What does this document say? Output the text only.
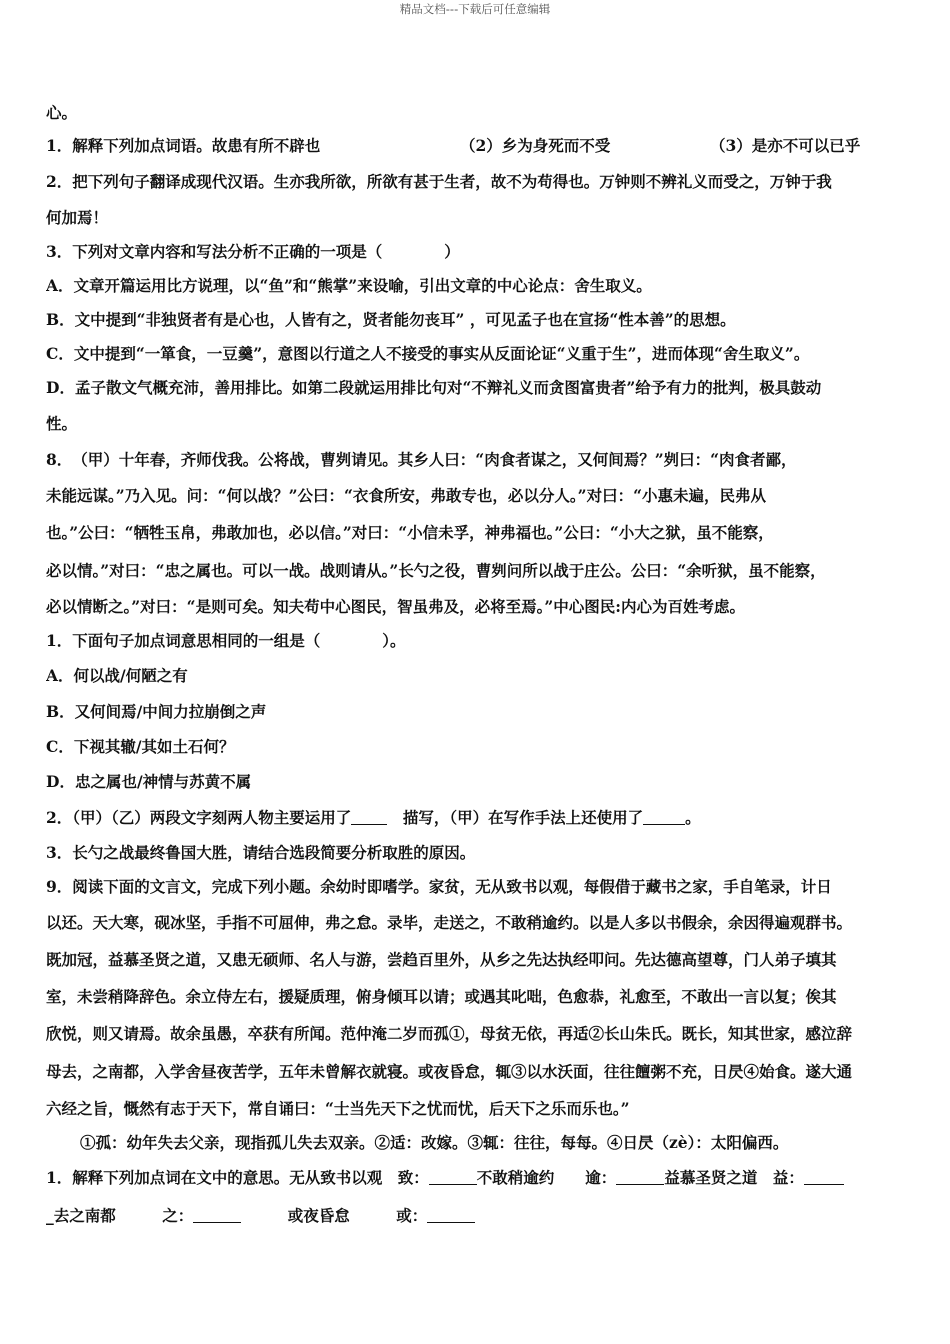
精品文档---下载后可任意编辑
心。
1．解释下列加点词语。故患有所不辟也	（2）乡为身死而不受	（3）是亦不可以已乎
2．把下列句子翻译成现代汉语。生亦我所欲，所欲有甚于生者，故不为苟得也。万钟则不辨礼义而受之，万钟于我
何加焉！
3．下列对文章内容和写法分析不正确的一项是（　　　　）
A．文章开篇运用比方说理，以“鱼”和“熊掌”来设喻，引出文章的中心论点：舍生取义。
B．文中提到“非独贤者有是心也，人皆有之，贤者能勿丧耳” ，可见孟子也在宣扬“性本善”的思想。
C．文中提到“一箪食，一豆羹”，意图以行道之人不接受的事实从反面论证“义重于生”，进而体现“舍生取义”。
D．孟子散文气概充沛，善用排比。如第二段就运用排比句对“不辩礼义而贪图富贵者”给予有力的批判，极具鼓动
性。
8．　（甲）十年春，齐师伐我。公将战，曹刿请见。其乡人曰：“肉食者谋之，又何间焉？”刿曰：“肉食者鄙，
未能远谋。”乃入见。问：“何以战？”公曰：“衣食所安，弗敢专也，必以分人。”对曰：“小惠未遍，民弗从
也。”公曰：“牺牲玉帛，弗敢加也，必以信。”对曰：“小信未孚，神弗福也。”公曰：“小大之狱，虽不能察，
必以情。”对曰：“忠之属也。可以一战。战则请从。”长勺之役，曹刿问所以战于庄公。公曰：“余听狱，虽不能察，
必以情断之。”对曰：“是则可矣。知夫苟中心图民，智虽弗及，必将至焉。”中心图民:内心为百姓考虑。
1．下面句子加点词意思相同的一组是（　　　　）。
A．何以战/何陋之有
B．又何间焉/中间力拉崩倒之声
C．下视其辙/其如土石何？
D．忠之属也/神情与苏黄不属
2．（甲）（乙）两段文字刻两人物主要运用了　	描写，（甲）在写作手法上还使用了	。
3．长勺之战最终鲁国大胜，请结合选段简要分析取胜的原因。
9．阅读下面的文言文，完成下列小题。余幼时即嗜学。家贫，无从致书以观，每假借于藏书之家，手自笔录，计日
以还。天大寒，砚冰坚，手指不可屈伸，弗之怠。录毕，走送之，不敢稍逾约。以是人多以书假余，余因得遍观群书。
既加冠，益慕圣贤之道，又患无硕师、名人与游，尝趋百里外，从乡之先达执经叩问。先达德高望尊，门人弟子填其
室，未尝稍降辞色。余立侍左右，援疑质理，俯身倾耳以请；或遇其叱咄，色愈恭，礼愈至，不敢出一言以复；俟其
欣悦，则又请焉。故余虽愚，卒获有所闻。范仲淹二岁而孤①，母贫无依，再适②长山朱氏。既长，知其世家，感泣辞
母去，之南都，入学舍昼夜苦学，五年未曾解衣就寝。或夜昏怠，辄③以水沃面，往往饘粥不充，日昃④始食。遂大通
六经之旨，慨然有志于天下，常自诵曰：“士当先天下之忧而忧，后天下之乐而乐也。”
①孤：幼年失去父亲，现指孤儿失去双亲。②适：改嫁。③辄：往往，每每。④日昃（zè）：太阳偏西。
1．解释下列加点词在文中的意思。无从致书以观　致：	不敢稍逾约　　逾：	益慕圣贤之道　益：
_去之南都　　　之：　　　	或夜昏怠　　　或：
